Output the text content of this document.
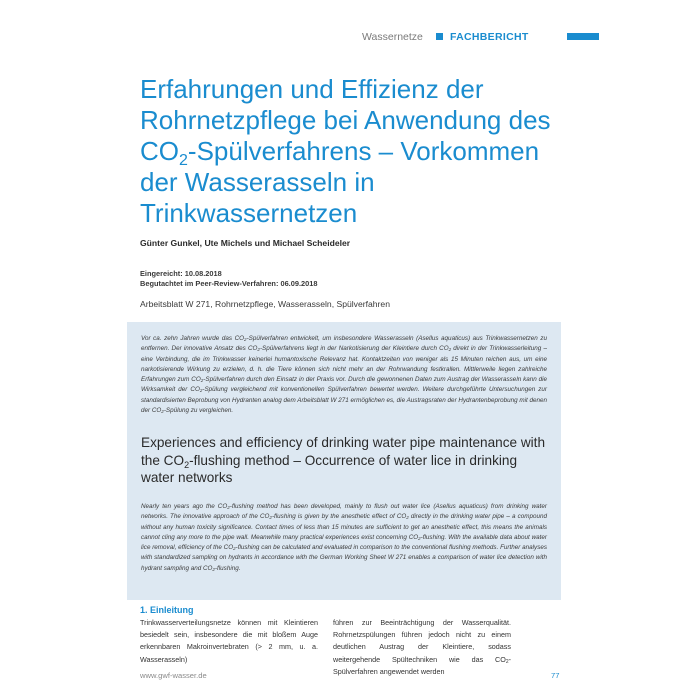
Wassernetze	FACHBERICHT
Erfahrungen und Effizienz der Rohrnetzpflege bei Anwendung des $CO_2$-Spülverfahrens – Vorkommen der Wasserasseln in Trinkwassernetzen
Günter Gunkel, Ute Michels und Michael Scheideler
Eingereicht: 10.08.2018
Begutachtet im Peer-Review-Verfahren: 06.09.2018
Arbeitsblatt W 271, Rohrnetzpflege, Wasserasseln, Spülverfahren
Vor ca. zehn Jahren wurde das $CO_2$-Spülverfahren entwickelt, um insbesondere Wasserasseln (Asellus aquaticus) aus Trinkwassernetzen zu entfernen. Der innovative Ansatz des $CO_2$-Spülverfahrens liegt in der Narkotisierung der Kleintiere durch $CO_2$ direkt in der Trinkwasserleitung – eine Verbindung, die im Trinkwasser keinerlei humantoxische Relevanz hat. Kontaktzeiten von weniger als 15 Minuten reichen aus, um eine narkotisierende Wirkung zu erzielen, d. h. die Tiere können sich nicht mehr an der Rohrwandung festkrallen. Mittlerweile liegen zahlreiche Erfahrungen zum $CO_2$-Spülverfahren durch den Einsatz in der Praxis vor. Durch die gewonnenen Daten zum Austrag der Wasserasseln kann die Wirksamkeit der $CO_2$-Spülung vergleichend mit konventionellen Spülverfahren bewertet werden. Weitere durchgeführte Untersuchungen zur standardisierten Beprobung von Hydranten analog dem Arbeitsblatt W 271 ermöglichen es, die Austragsraten der Hydrantenbeprobung mit denen der $CO_2$-Spülung zu vergleichen.
Experiences and efficiency of drinking water pipe maintenance with the $CO_2$-flushing method – Occurrence of water lice in drinking water networks
Nearly ten years ago the $CO_2$-flushing method has been developed, mainly to flush out water lice (Asellus aquaticus) from drinking water networks. The innovative approach of the $CO_2$-flushing is given by the anesthetic effect of $CO_2$ directly in the drinking water pipe – a compound without any human toxicity significance. Contact times of less than 15 minutes are sufficient to get an anesthetic effect, this means the animals cannot cling any more to the pipe wall. Meanwhile many practical experiences exist concerning $CO_2$-flushing. With the available data about water lice removal, efficiency of the $CO_2$-flushing can be calculated and evaluated in comparison to the conventional flushing methods. Further analyses with standardized sampling on hydrants in accordance with the German Working Sheet W 271 enables a comparison of water lice detection with hydrant sampling and $CO_2$-flushing.
1. Einleitung
Trinkwasserverteilungsnetze können mit Kleintieren besiedelt sein, insbesondere die mit bloßem Auge erkennbaren Makroinvertebraten (> 2 mm, u. a. Wasserasseln)
führen zur Beeinträchtigung der Wasserqualität. Rohrnetzspülungen führen jedoch nicht zu einem deutlichen Austrag der Kleintiere, sodass weitergehende Spültechniken wie das $CO_2$-Spülverfahren angewendet werden
www.gwf-wasser.de	77
